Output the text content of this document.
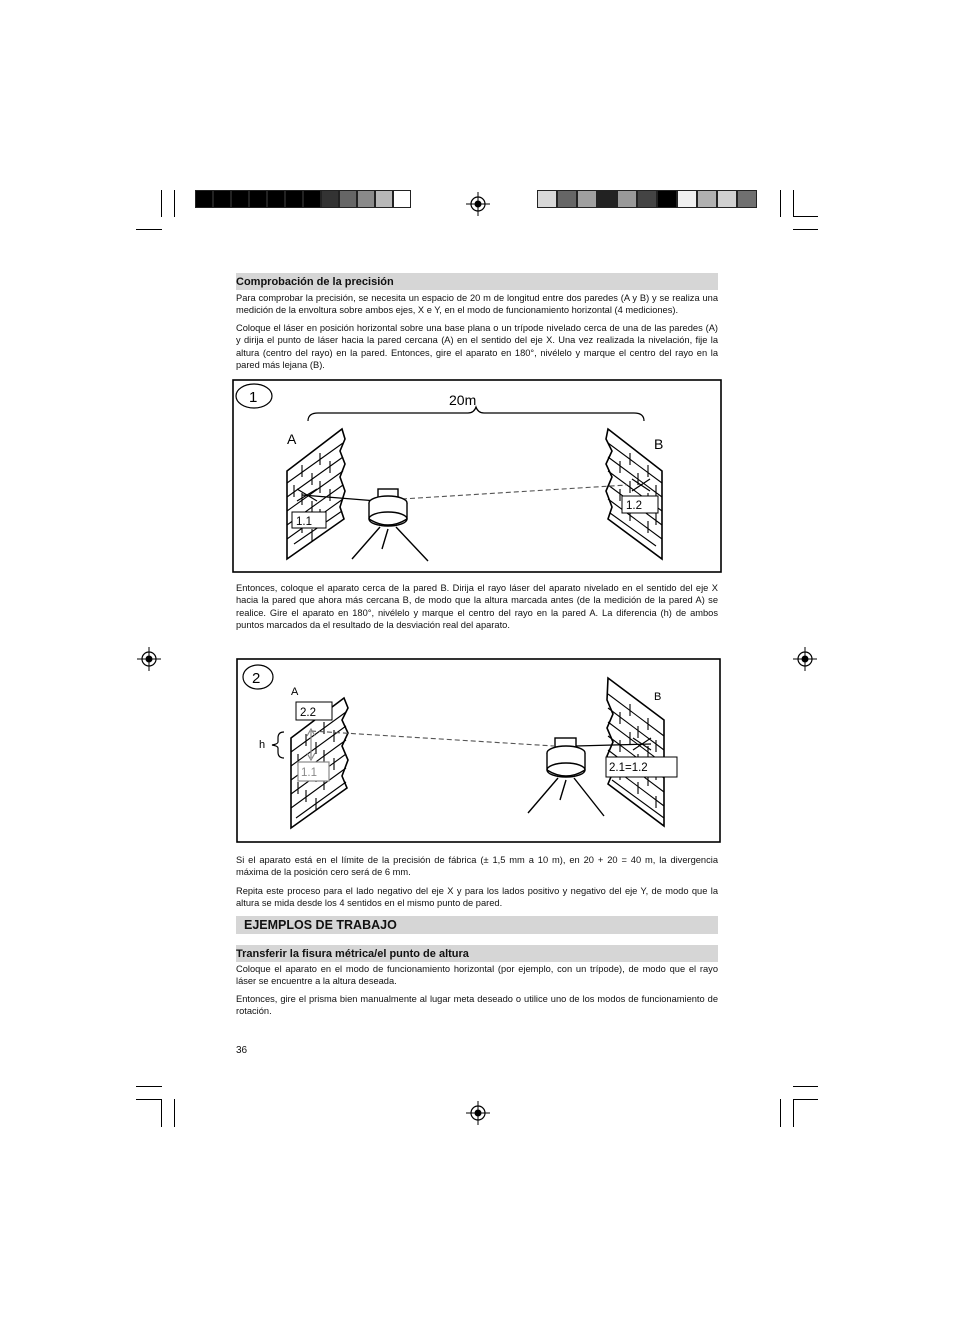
Comprobación de la precisión

Para comprobar la precisión, se necesita un espacio de 20 m de longitud entre dos paredes (A y B) y se realiza una medición de la envoltura sobre ambos ejes, X e Y, en el modo de funcionamiento horizontal (4 mediciones).

Coloque el láser en posición horizontal sobre una base plana o un trípode nivelado cerca de una de las paredes (A) y dirija el punto de láser hacia la pared cercana (A) en el sentido del eje X. Una vez realizada la nivelación, fije la altura (centro del rayo) en la pared. Entonces, gire el aparato en 180°, nivélelo y marque el centro del rayo en la pared más lejana (B).

1	20m
A	B
1.1
1.2

Entonces, coloque el aparato cerca de la pared B. Dirija el rayo láser del aparato nivelado en el sentido del eje X hacia la pared que ahora más cercana B, de modo que la altura marcada antes (de la medición de la pared A) se realice. Gire el aparato en 180°, nivélelo y marque el centro del rayo en la pared A. La diferencia (h) de ambos puntos marcados da el resultado de la desviación real del aparato.

2
A	B
h
2.2
1.1	2.1=1.2

Si el aparato está en el límite de la precisión de fábrica (± 1,5 mm a 10 m), en 20 + 20 = 40 m, la divergencia máxima de la posición cero será de 6 mm.

Repita este proceso para el lado negativo del eje X y para los lados positivo y negativo del eje Y, de modo que la altura se mida desde los 4 sentidos en el mismo punto de pared.

EJEMPLOS DE TRABAJO
Transferir la fisura métrica/el punto de altura

Coloque el aparato en el modo de funcionamiento horizontal (por ejemplo, con un trípode), de modo que el rayo láser se encuentre a la altura deseada.

Entonces, gire el prisma bien manualmente al lugar meta deseado o utilice uno de los modos de funcionamiento de rotación.

36
